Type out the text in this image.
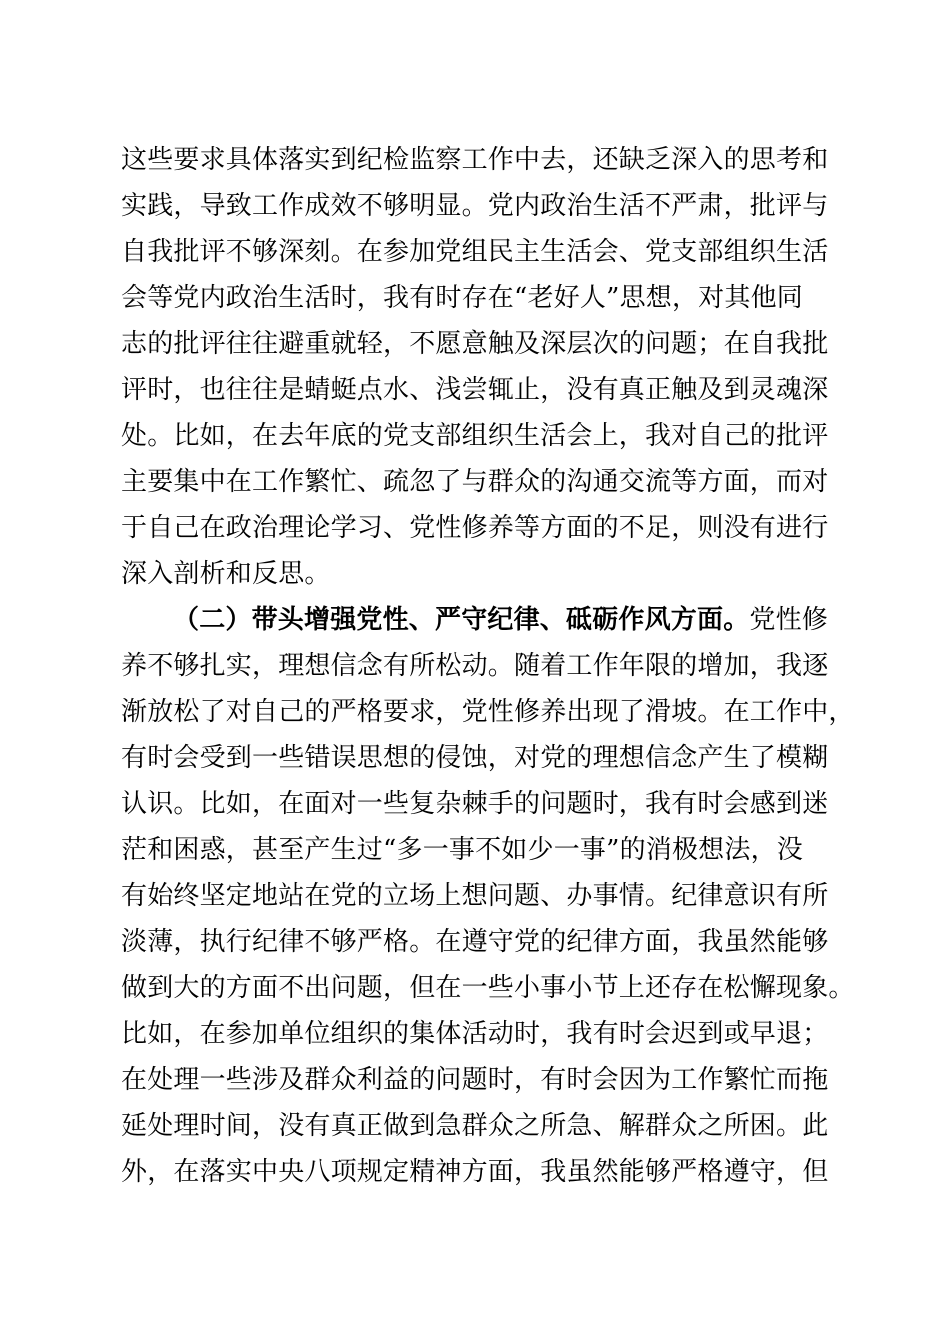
这些要求具体落实到纪检监察工作中去，还缺乏深入的思考和
实践，导致工作成效不够明显。党内政治生活不严肃，批评与
自我批评不够深刻。在参加党组民主生活会、党支部组织生活
会等党内政治生活时，我有时存在“老好人”思想，对其他同
志的批评往往避重就轻，不愿意触及深层次的问题；在自我批
评时，也往往是蜻蜓点水、浅尝辄止，没有真正触及到灵魂深
处。比如，在去年底的党支部组织生活会上，我对自己的批评
主要集中在工作繁忙、疏忽了与群众的沟通交流等方面，而对
于自己在政治理论学习、党性修养等方面的不足，则没有进行
深入剖析和反思。
（二）带头增强党性、严守纪律、砥砺作风方面。党性修
养不够扎实，理想信念有所松动。随着工作年限的增加，我逐
渐放松了对自己的严格要求，党性修养出现了滑坡。在工作中，
有时会受到一些错误思想的侵蚀，对党的理想信念产生了模糊
认识。比如，在面对一些复杂棘手的问题时，我有时会感到迷
茫和困惑，甚至产生过“多一事不如少一事”的消极想法，没
有始终坚定地站在党的立场上想问题、办事情。纪律意识有所
淡薄，执行纪律不够严格。在遵守党的纪律方面，我虽然能够
做到大的方面不出问题，但在一些小事小节上还存在松懈现象。
比如，在参加单位组织的集体活动时，我有时会迟到或早退；
在处理一些涉及群众利益的问题时，有时会因为工作繁忙而拖
延处理时间，没有真正做到急群众之所急、解群众之所困。此
外，在落实中央八项规定精神方面，我虽然能够严格遵守，但
